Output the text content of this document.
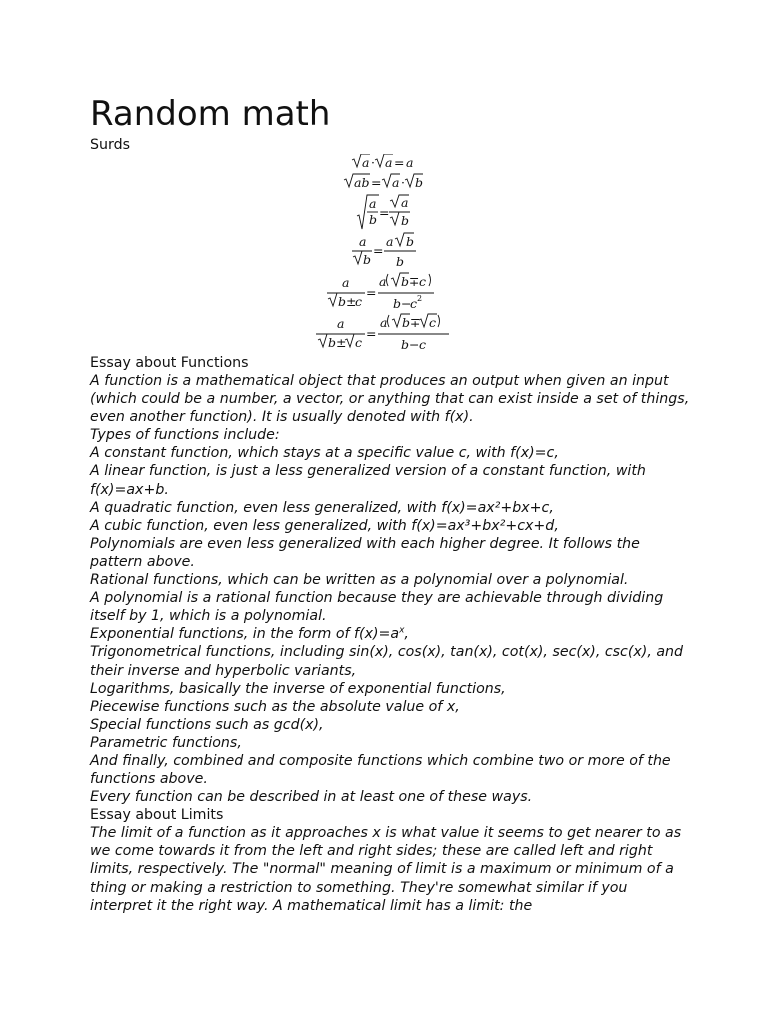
Random math
Surds
a · a = a
ab = a · b
a
b =
a
b
a
b
=
a b
b
a
b ±
c
=
a b ∓ c
b −
c 2
a
b ± c
=
a b ∓ c
b − c
Essay about Functions

A function is a mathematical object that produces an output when given an input (which could be a number, a vector, or anything that can exist inside a set of things, even another function). It is usually denoted with f(x).

Types of functions include:

A constant function, which stays at a specific value c, with f(x)=c,

A linear function, is just a less generalized version of a constant function, with f(x)=ax+b.

A quadratic function, even less generalized, with f(x)=ax²+bx+c,

A cubic function, even less generalized, with f(x)=ax³+bx²+cx+d,

Polynomials are even less generalized with each higher degree. It follows the pattern above.

Rational functions, which can be written as a polynomial over a polynomial.

A polynomial is a rational function because they are achievable through dividing itself by 1, which is a polynomial.

Exponential functions, in the form of $f(x)=a^x$,

Trigonometrical functions, including sin(x), cos(x), tan(x), cot(x), sec(x), csc(x), and their inverse and hyperbolic variants,

Logarithms, basically the inverse of exponential functions,

Piecewise functions such as the absolute value of x,

Special functions such as gcd(x),

Parametric functions,

And finally, combined and composite functions which combine two or more of the functions above.

Every function can be described in at least one of these ways.

Essay about Limits

The limit of a function as it approaches x is what value it seems to get nearer to as we come towards it from the left and right sides; these are called left and right limits, respectively. The "normal" meaning of limit is a maximum or minimum of a thing or making a restriction to something. They're somewhat similar if you interpret it the right way. A mathematical limit has a limit: the
